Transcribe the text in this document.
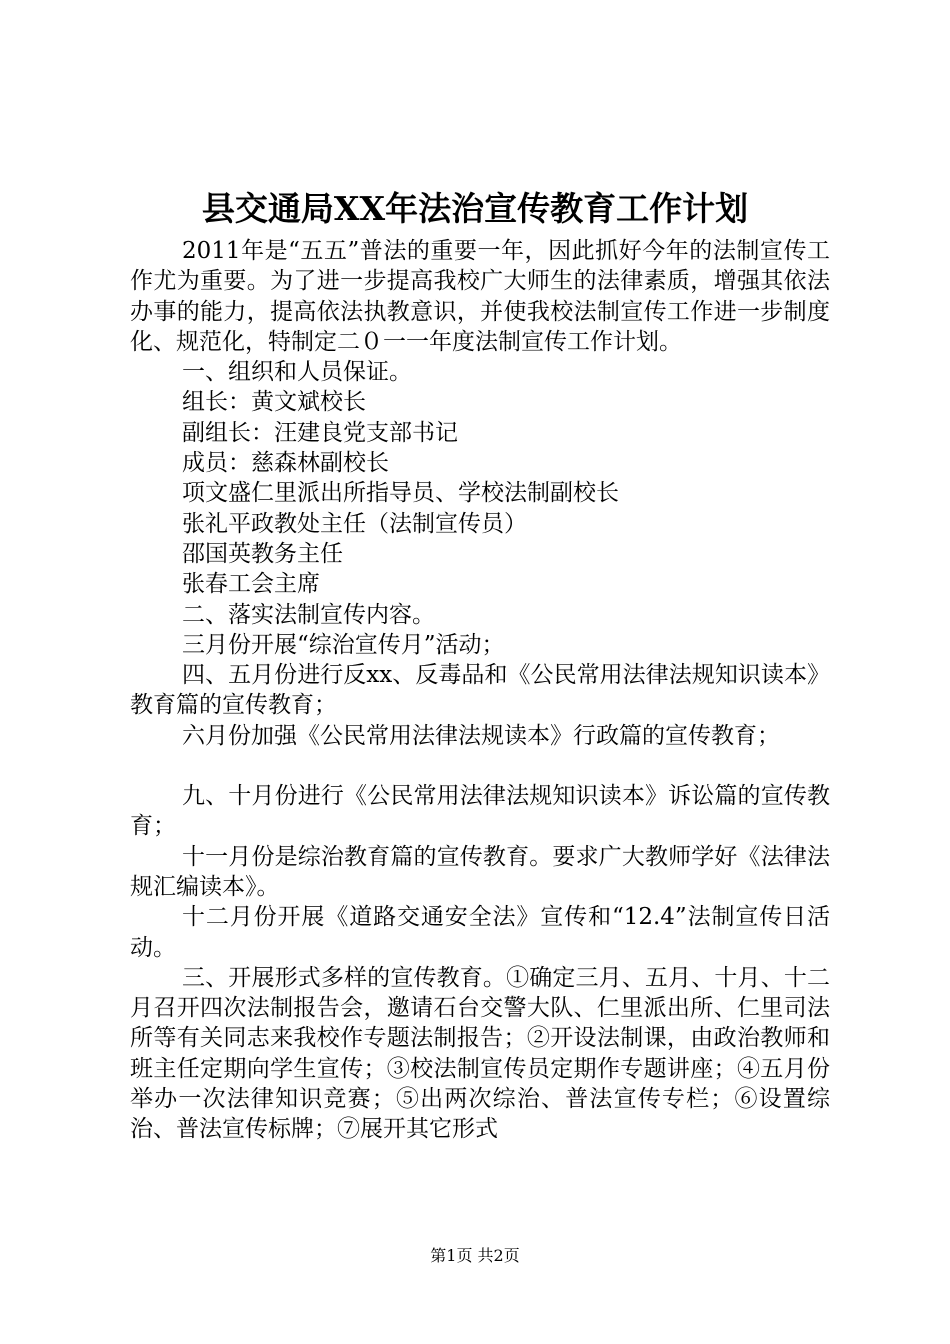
县交通局XX年法治宣传教育工作计划

2011年是“五五”普法的重要一年，因此抓好今年的法制宣传工作尤为重要。为了进一步提高我校广大师生的法律素质，增强其依法办事的能力，提高依法执教意识，并使我校法制宣传工作进一步制度化、规范化，特制定二０一一年度法制宣传工作计划。

一、组织和人员保证。

组长：黄文斌校长

副组长：汪建良党支部书记

成员：慈森林副校长

项文盛仁里派出所指导员、学校法制副校长

张礼平政教处主任（法制宣传员）

邵国英教务主任

张春工会主席

二、落实法制宣传内容。

三月份开展“综治宣传月”活动；

四、五月份进行反xx、反毒品和《公民常用法律法规知识读本》教育篇的宣传教育；

六月份加强《公民常用法律法规读本》行政篇的宣传教育；

九、十月份进行《公民常用法律法规知识读本》诉讼篇的宣传教育；

十一月份是综治教育篇的宣传教育。要求广大教师学好《法律法规汇编读本》。

十二月份开展《道路交通安全法》宣传和“12.4”法制宣传日活动。

三、开展形式多样的宣传教育。①确定三月、五月、十月、十二月召开四次法制报告会，邀请石台交警大队、仁里派出所、仁里司法所等有关同志来我校作专题法制报告；②开设法制课，由政治教师和班主任定期向学生宣传；③校法制宣传员定期作专题讲座；④五月份举办一次法律知识竞赛；⑤出两次综治、普法宣传专栏；⑥设置综治、普法宣传标牌；⑦展开其它形式

第1页 共2页
